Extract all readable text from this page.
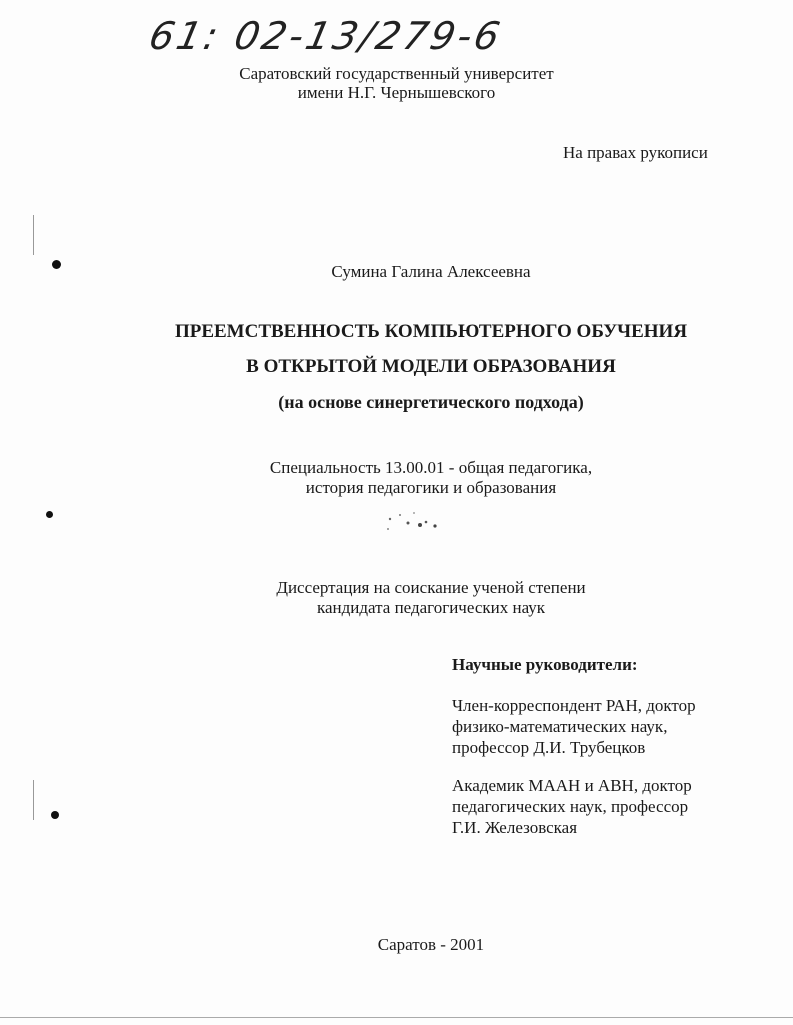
61: 02-13/279-6
Саратовский государственный университет
имени Н.Г. Чернышевского
На правах рукописи
Сумина Галина Алексеевна
ПРЕЕМСТВЕННОСТЬ КОМПЬЮТЕРНОГО ОБУЧЕНИЯ
В ОТКРЫТОЙ МОДЕЛИ ОБРАЗОВАНИЯ
(на основе синергетического подхода)
Специальность 13.00.01 - общая педагогика,
история педагогики и образования
Диссертация на соискание ученой степени
кандидата педагогических наук
Научные руководители:
Член-корреспондент РАН, доктор
физико-математических наук,
профессор Д.И. Трубецков
Академик МААН и АВН, доктор
педагогических наук, профессор
Г.И. Железовская
Саратов - 2001
